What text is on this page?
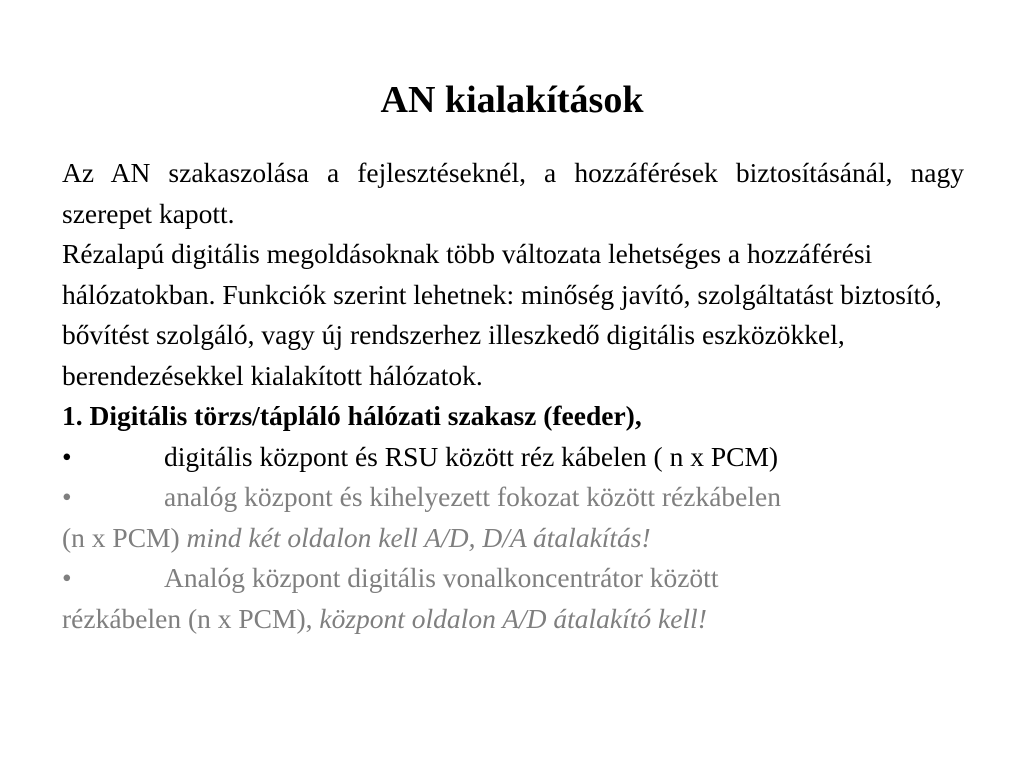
AN kialakítások

Az AN szakaszolása a fejlesztéseknél, a hozzáférések biztosításánál, nagy szerepet kapott.

Rézalapú digitális megoldásoknak több változata lehetséges a hozzáférési hálózatokban. Funkciók szerint lehetnek: minőség javító, szolgáltatást biztosító, bővítést szolgáló, vagy új rendszerhez illeszkedő digitális eszközökkel, berendezésekkel kialakított hálózatok.

1. Digitális törzs/tápláló hálózati szakasz (feeder),

•	digitális központ és RSU között réz kábelen ( n x PCM)
•	analóg központ és kihelyezett fokozat között rézkábelen
(n x PCM) mind két oldalon kell A/D, D/A átalakítás!
•	Analóg központ digitális vonalkoncentrátor között
rézkábelen (n x PCM), központ oldalon A/D átalakító kell!
